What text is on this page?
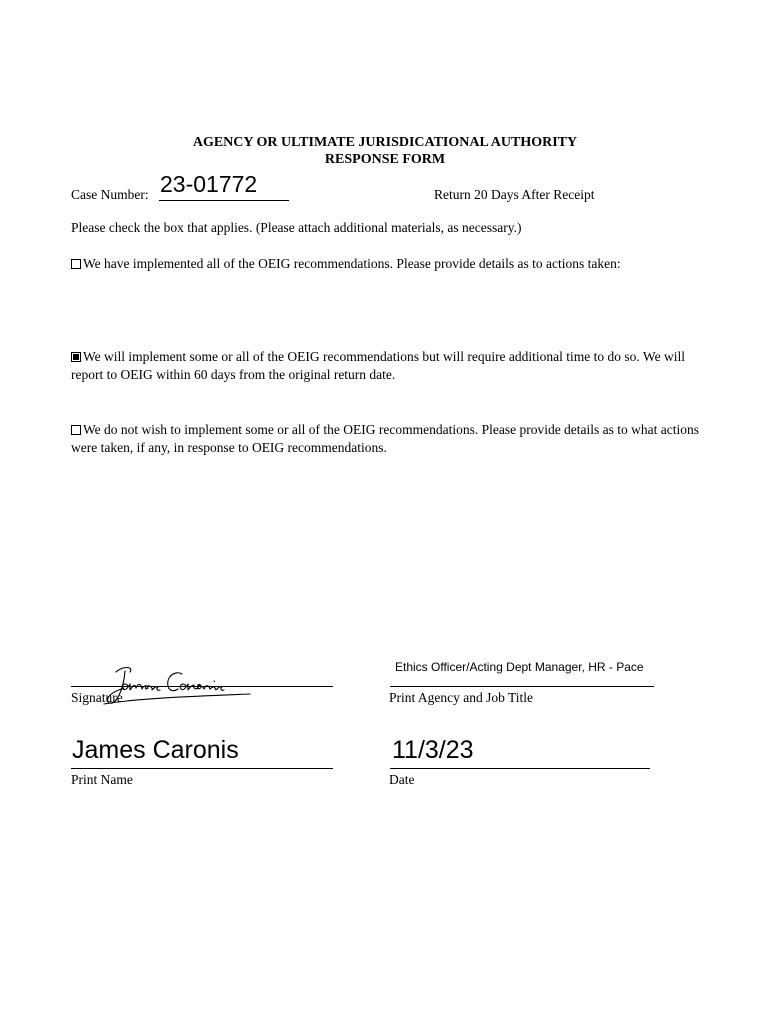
AGENCY OR ULTIMATE JURISDICATIONAL AUTHORITY
RESPONSE FORM
Case Number: 23-01772	Return 20 Days After Receipt
Please check the box that applies. (Please attach additional materials, as necessary.)
We have implemented all of the OEIG recommendations. Please provide details as to actions taken:
We will implement some or all of the OEIG recommendations but will require additional time to do so. We will report to OEIG within 60 days from the original return date.
We do not wish to implement some or all of the OEIG recommendations. Please provide details as to what actions were taken, if any, in response to OEIG recommendations.
Signature
Ethics Officer/Acting Dept Manager, HR - Pace
Print Agency and Job Title
James Caronis
Print Name
11/3/23
Date
